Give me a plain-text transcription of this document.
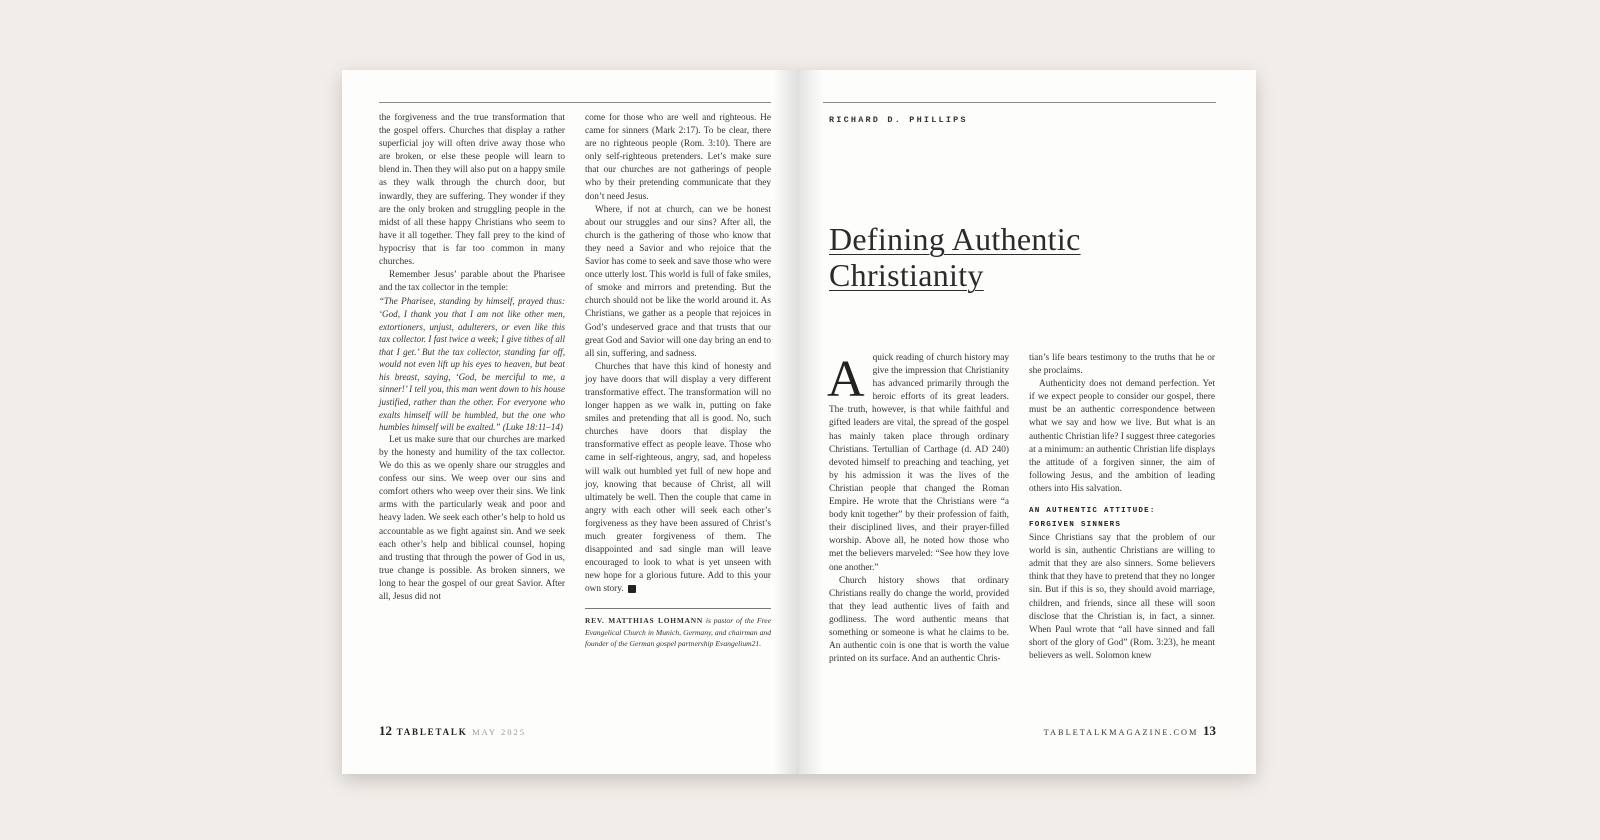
the forgiveness and the true transformation that the gospel offers. Churches that display a rather superficial joy will often drive away those who are broken, or else these people will learn to blend in. Then they will also put on a happy smile as they walk through the church door, but inwardly, they are suffering. They wonder if they are the only broken and struggling people in the midst of all these happy Christians who seem to have it all together. They fall prey to the kind of hypocrisy that is far too common in many churches.

Remember Jesus’ parable about the Pharisee and the tax collector in the temple:

“The Pharisee, standing by himself, prayed thus: ‘God, I thank you that I am not like other men, extortioners, unjust, adulterers, or even like this tax collector. I fast twice a week; I give tithes of all that I get.’ But the tax collector, standing far off, would not even lift up his eyes to heaven, but beat his breast, saying, ‘God, be merciful to me, a sinner!’ I tell you, this man went down to his house justified, rather than the other. For everyone who exalts himself will be humbled, but the one who humbles himself will be exalted.” (Luke 18:11–14)

Let us make sure that our churches are marked by the honesty and humility of the tax collector. We do this as we openly share our struggles and confess our sins. We weep over our sins and comfort others who weep over their sins. We link arms with the particularly weak and poor and heavy laden. We seek each other’s help to hold us accountable as we fight against sin. And we seek each other’s help and biblical counsel, hoping and trusting that through the power of God in us, true change is possible. As broken sinners, we long to hear the gospel of our great Savior. After all, Jesus did not

come for those who are well and righteous. He came for sinners (Mark 2:17). To be clear, there are no righteous people (Rom. 3:10). There are only self-righteous pretenders. Let’s make sure that our churches are not gatherings of people who by their pretending communicate that they don’t need Jesus.

Where, if not at church, can we be honest about our struggles and our sins? After all, the church is the gathering of those who know that they need a Savior and who rejoice that the Savior has come to seek and save those who were once utterly lost. This world is full of fake smiles, of smoke and mirrors and pretending. But the church should not be like the world around it. As Christians, we gather as a people that rejoices in God’s undeserved grace and that trusts that our great God and Savior will one day bring an end to all sin, suffering, and sadness.

Churches that have this kind of honesty and joy have doors that will display a very different transformative effect. The transformation will no longer happen as we walk in, putting on fake smiles and pretending that all is good. No, such churches have doors that display the transformative effect as people leave. Those who came in self-righteous, angry, sad, and hopeless will walk out humbled yet full of new hope and joy, knowing that because of Christ, all will ultimately be well. Then the couple that came in angry with each other will seek each other’s forgiveness as they have been assured of Christ’s much greater forgiveness of them. The disappointed and sad single man will leave encouraged to look to what is yet unseen with new hope for a glorious future. Add to this your own story.

REV. MATTHIAS LOHMANN is pastor of the Free Evangelical Church in Munich, Germany, and chairman and founder of the German gospel partnership Evangelium21.

12 TABLETALK MAY 2025
RICHARD D. PHILLIPS
Defining Authentic
Christianity
A quick reading of church history may give the impression that Christianity has advanced primarily through the heroic efforts of its great leaders. The truth, however, is that while faithful and gifted leaders are vital, the spread of the gospel has mainly taken place through ordinary Christians. Tertullian of Carthage (d. AD 240) devoted himself to preaching and teaching, yet by his admission it was the lives of the Christian people that changed the Roman Empire. He wrote that the Christians were “a body knit together” by their profession of faith, their disciplined lives, and their prayer-filled worship. Above all, he noted how those who met the believers marveled: “See how they love one another.”

Church history shows that ordinary Christians really do change the world, provided that they lead authentic lives of faith and godliness. The word authentic means that something or someone is what he claims to be. An authentic coin is one that is worth the value printed on its surface. And an authentic Chris-

tian’s life bears testimony to the truths that he or she proclaims.

Authenticity does not demand perfection. Yet if we expect people to consider our gospel, there must be an authentic correspondence between what we say and how we live. But what is an authentic Christian life? I suggest three categories at a minimum: an authentic Christian life displays the attitude of a forgiven sinner, the aim of following Jesus, and the ambition of leading others into His salvation.

AN AUTHENTIC ATTITUDE:
FORGIVEN SINNERS

Since Christians say that the problem of our world is sin, authentic Christians are willing to admit that they are also sinners. Some believers think that they have to pretend that they no longer sin. But if this is so, they should avoid marriage, children, and friends, since all these will soon disclose that the Christian is, in fact, a sinner. When Paul wrote that “all have sinned and fall short of the glory of God” (Rom. 3:23), he meant believers as well. Solomon knew

TABLETALKMAGAZINE.COM 13
